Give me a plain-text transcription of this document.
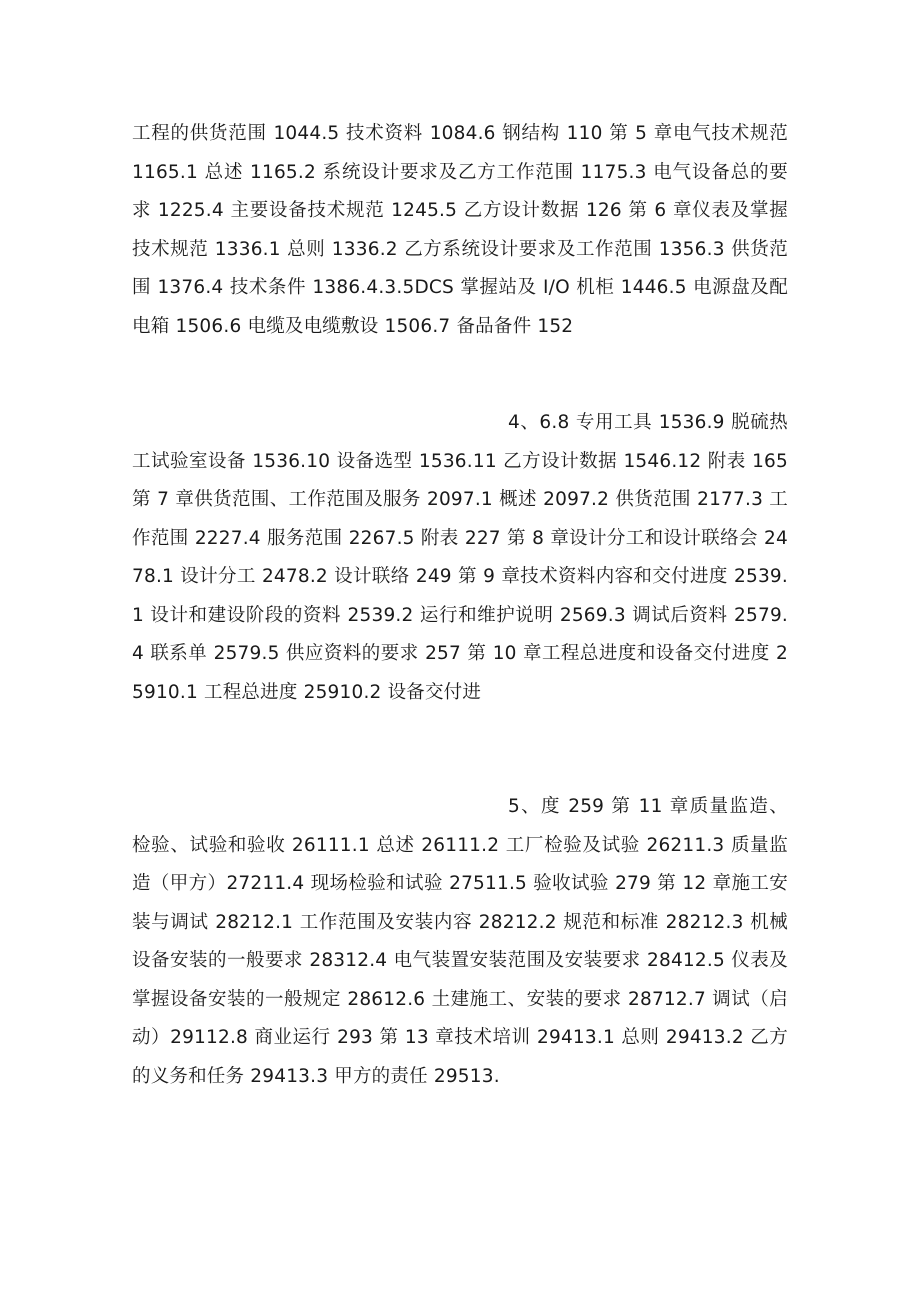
工程的供货范围 1044.5 技术资料 1084.6 钢结构 110 第 5 章电气技术规范 1165.1 总述 1165.2 系统设计要求及乙方工作范围 1175.3 电气设备总的要求 1225.4 主要设备技术规范 1245.5 乙方设计数据 126 第 6 章仪表及掌握技术规范 1336.1 总则 1336.2 乙方系统设计要求及工作范围 1356.3 供货范围 1376.4 技术条件 1386.4.3.5DCS 掌握站及 I/O 机柜 1446.5 电源盘及配电箱 1506.6 电缆及电缆敷设 1506.7 备品备件 152

4、6.8 专用工具 1536.9 脱硫热工试验室设备 1536.10 设备选型 1536.11 乙方设计数据 1546.12 附表 165 第 7 章供货范围、工作范围及服务 2097.1 概述 2097.2 供货范围 2177.3 工作范围 2227.4 服务范围 2267.5 附表 227 第 8 章设计分工和设计联络会 2478.1 设计分工 2478.2 设计联络 249 第 9 章技术资料内容和交付进度 2539.1 设计和建设阶段的资料 2539.2 运行和维护说明 2569.3 调试后资料 2579.4 联系单 2579.5 供应资料的要求 257 第 10 章工程总进度和设备交付进度 25910.1 工程总进度 25910.2 设备交付进

5、度 259 第 11 章质量监造、检验、试验和验收 26111.1 总述 26111.2 工厂检验及试验 26211.3 质量监造（甲方）27211.4 现场检验和试验 27511.5 验收试验 279 第 12 章施工安装与调试 28212.1 工作范围及安装内容 28212.2 规范和标准 28212.3 机械设备安装的一般要求 28312.4 电气装置安装范围及安装要求 28412.5 仪表及掌握设备安装的一般规定 28612.6 土建施工、安装的要求 28712.7 调试（启动）29112.8 商业运行 293 第 13 章技术培训 29413.1 总则 29413.2 乙方的义务和任务 29413.3 甲方的责任 29513.
